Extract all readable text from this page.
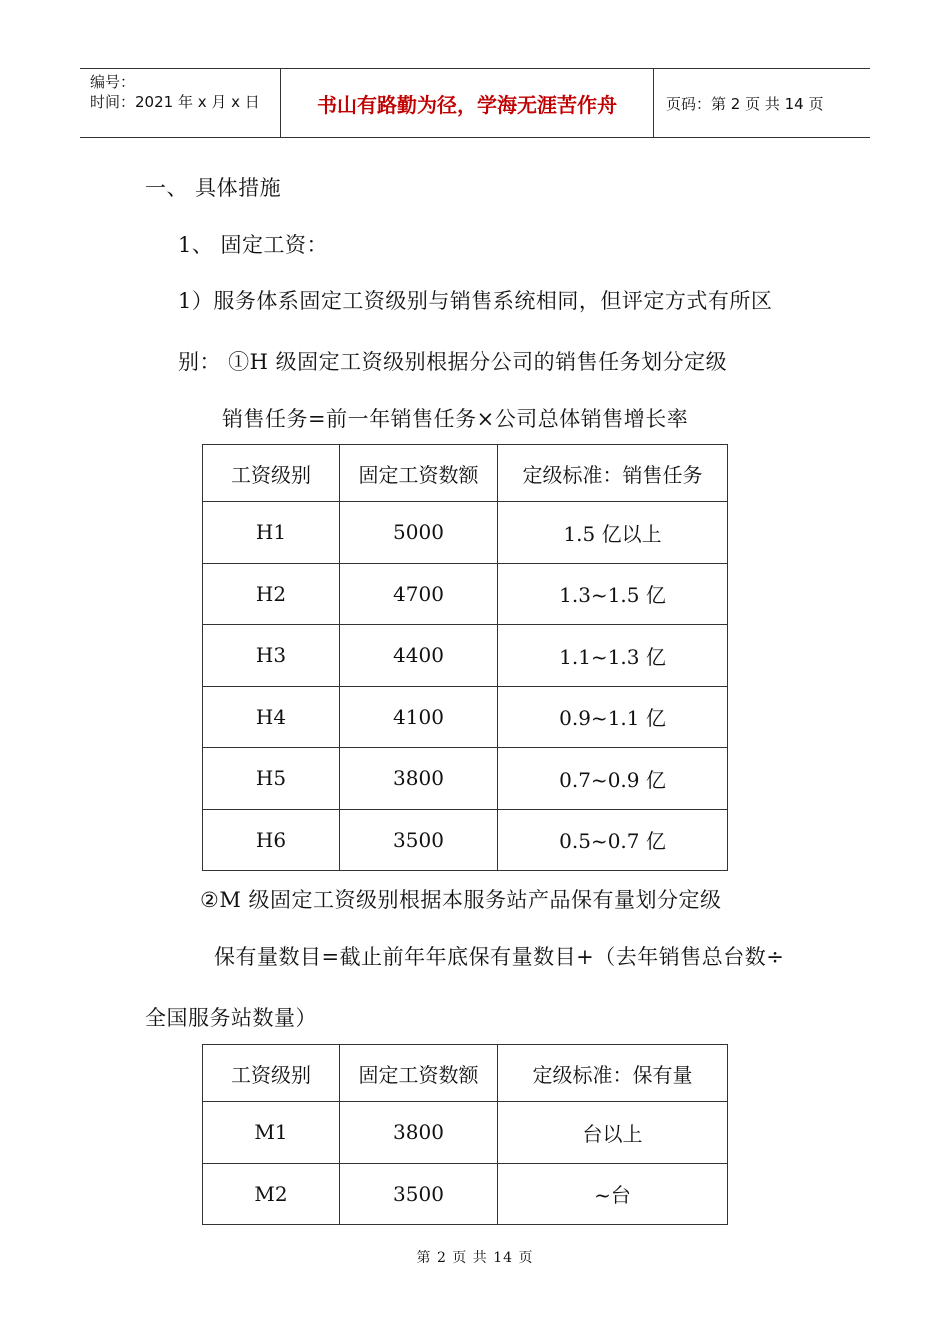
编号：
时间：2021 年 x 月 x 日	书山有路勤为径，学海无涯苦作舟	页码：第 2 页 共 14 页
一、 具体措施
1、 固定工资：
1）服务体系固定工资级别与销售系统相同，但评定方式有所区
别： ①H 级固定工资级别根据分公司的销售任务划分定级
销售任务=前一年销售任务×公司总体销售增长率
工资级别	固定工资数额	定级标准：销售任务
H1	5000	1.5 亿以上
H2	4700	1.3~1.5 亿
H3	4400	1.1~1.3 亿
H4	4100	0.9~1.1 亿
H5	3800	0.7~0.9 亿
H6	3500	0.5~0.7 亿
②M 级固定工资级别根据本服务站产品保有量划分定级
保有量数目=截止前年年底保有量数目+（去年销售总台数÷
全国服务站数量）
工资级别	固定工资数额	定级标准：保有量
M1	3800	台以上
M2	3500	~台
第 2 页 共 14 页
